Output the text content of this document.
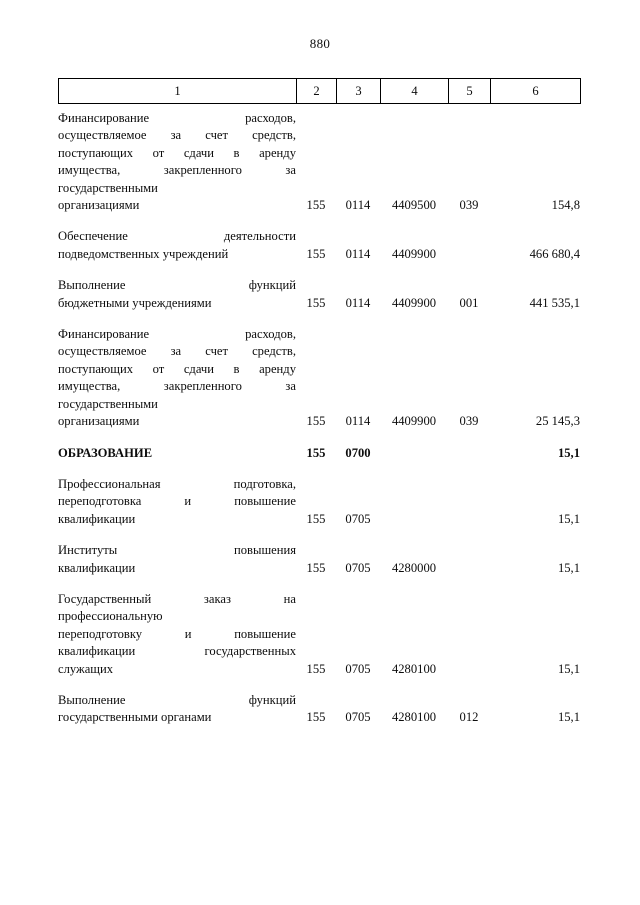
880
1	2	3	4	5	6
Финансирование расходов,
осуществляемое за счет средств,
поступающих от сдачи в аренду
имущества, закрепленного за
государственными
организациями	155	0114	4409500	039	154,8

Обеспечение деятельности
подведомственных учреждений	155	0114	4409900		466 680,4

Выполнение функций
бюджетными учреждениями	155	0114	4409900	001	441 535,1

Финансирование расходов,
осуществляемое за счет средств,
поступающих от сдачи в аренду
имущества, закрепленного за
государственными
организациями	155	0114	4409900	039	25 145,3

ОБРАЗОВАНИЕ	155	0700			15,1

Профессиональная подготовка,
переподготовка и повышение
квалификации	155	0705			15,1

Институты повышения
квалификации	155	0705	4280000		15,1

Государственный заказ на
профессиональную
переподготовку и повышение
квалификации государственных
служащих	155	0705	4280100		15,1

Выполнение функций
государственными органами	155	0705	4280100	012	15,1
